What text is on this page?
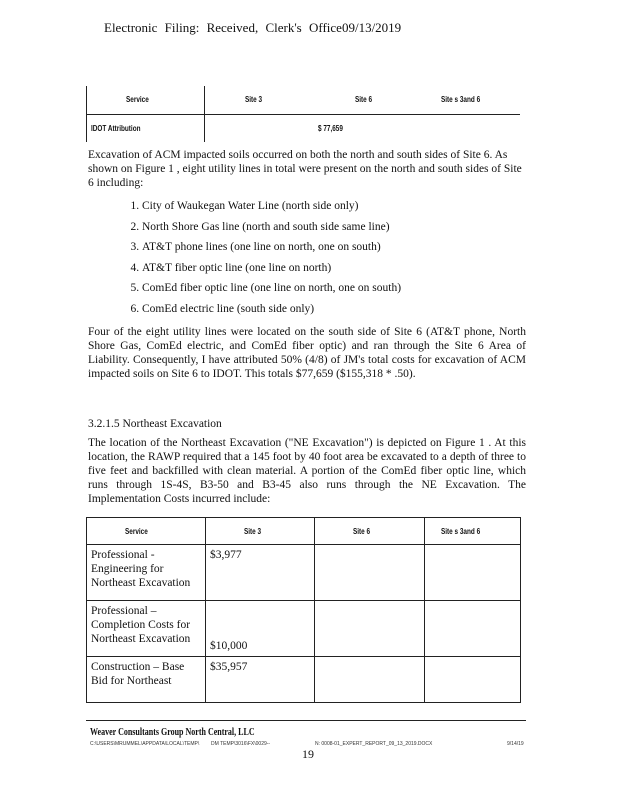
Electronic Filing: Received, Clerk's Office09/13/2019
Service	Site 3	Site 6	Site s 3and 6
IDOT Attribution	$ 77,659
Excavation of ACM impacted soils occurred on both the north and south sides of Site 6. As shown on Figure 1 , eight utility lines in total were present on the north and south sides of Site 6 including:
1. City of Waukegan Water Line (north side only)
2. North Shore Gas line (north and south side same line)
3. AT&T phone lines (one line on north, one on south)
4. AT&T fiber optic line (one line on north)
5. ComEd fiber optic line (one line on north, one on south)
6. ComEd electric line (south side only)
Four of the eight utility lines were located on the south side of Site 6 (AT&T phone, North Shore Gas, ComEd electric, and ComEd fiber optic) and ran through the Site 6 Area of Liability. Consequently, I have attributed 50% (4/8) of JM's total costs for excavation of ACM impacted soils on Site 6 to IDOT. This totals $77,659 ($155,318 * .50).
3.2.1.5 Northeast Excavation
The location of the Northeast Excavation ("NE Excavation") is depicted on Figure 1 . At this location, the RAWP required that a 145 foot by 40 foot area be excavated to a depth of three to five feet and backfilled with clean material. A portion of the ComEd fiber optic line, which runs through 1S-4S, B3-50 and B3-45 also runs through the NE Excavation. The Implementation Costs incurred include:
Service	Site 3	Site 6	Site s 3and 6
Professional - Engineering for Northeast Excavation	$3,977		
Professional – Completion Costs for Northeast Excavation	$10,000		
Construction – Base Bid for Northeast	$35,957		
Weaver Consultants Group North Central, LLC
C:\USERS\MRUMMEL\APPDATA\LOCAL\TEMP\ DM TEMP\3016\FX\0029--	N: 0008-01_EXPERT_REPORT_09_13_2019.DOCX	9/14/19
19
